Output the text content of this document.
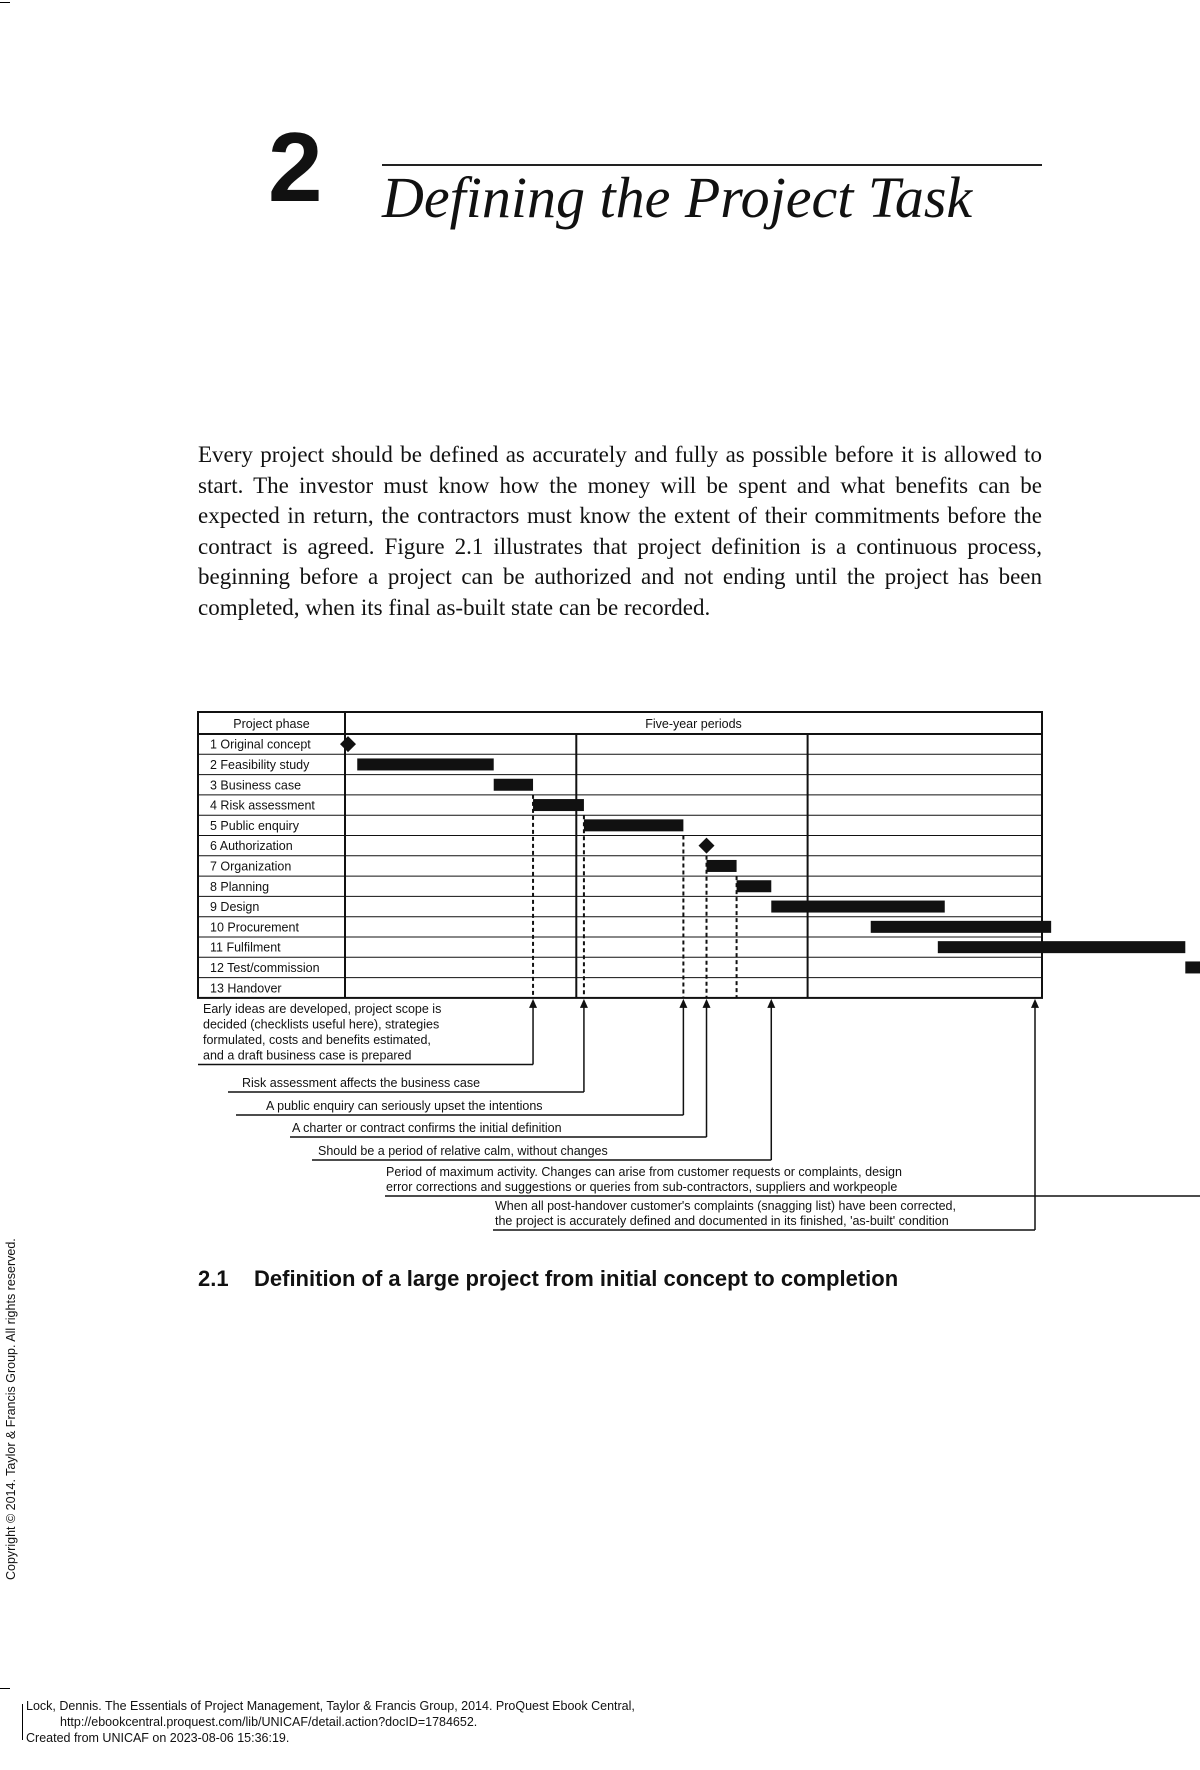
2 Defining the Project Task

Every project should be defined as accurately and fully as possible before it is allowed to start. The investor must know how the money will be spent and what benefits can be expected in return, the contractors must know the extent of their commitments before the contract is agreed. Figure 2.1 illustrates that project definition is a continuous process, beginning before a project can be authorized and not ending until the project has been completed, when its final as-built state can be recorded.

Project phase	Five-year periods
1 Original concept
2 Feasibility study
3 Business case
4 Risk assessment
5 Public enquiry
6 Authorization
7 Organization
8 Planning
9 Design
10 Procurement
11 Fulfilment
12 Test/commission
13 Handover
Early ideas are developed, project scope is
decided (checklists useful here), strategies
formulated, costs and benefits estimated,
and a draft business case is prepared
Risk assessment affects the business case
A public enquiry can seriously upset the intentions
A charter or contract confirms the initial definition
Should be a period of relative calm, without changes
Period of maximum activity. Changes can arise from customer requests or complaints, design
error corrections and suggestions or queries from sub-contractors, suppliers and workpeople
When all post-handover customer's complaints (snagging list) have been corrected,
the project is accurately defined and documented in its finished, 'as-built' condition
2.1 Definition of a large project from initial concept to completion
Copyright © 2014. Taylor & Francis Group. All rights reserved.
Lock, Dennis. The Essentials of Project Management, Taylor & Francis Group, 2014. ProQuest Ebook Central,
http://ebookcentral.proquest.com/lib/UNICAF/detail.action?docID=1784652.
Created from UNICAF on 2023-08-06 15:36:19.
